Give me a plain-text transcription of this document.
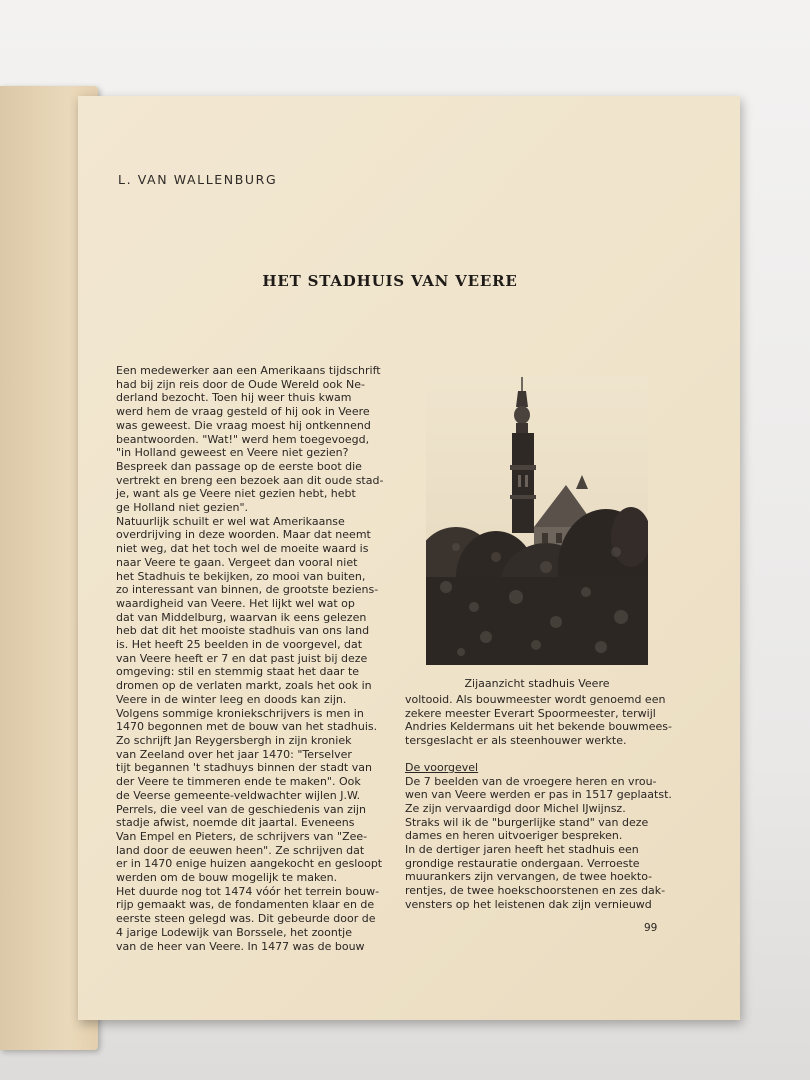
L. VAN WALLENBURG
HET STADHUIS VAN VEERE
Een medewerker aan een Amerikaans tijdschrift
had bij zijn reis door de Oude Wereld ook Ne-
derland bezocht. Toen hij weer thuis kwam
werd hem de vraag gesteld of hij ook in Veere
was geweest. Die vraag moest hij ontkennend
beantwoorden. "Wat!" werd hem toegevoegd,
"in Holland geweest en Veere niet gezien?
Bespreek dan passage op de eerste boot die
vertrekt en breng een bezoek aan dit oude stad-
je, want als ge Veere niet gezien hebt, hebt
ge Holland niet gezien".
Natuurlijk schuilt er wel wat Amerikaanse
overdrijving in deze woorden. Maar dat neemt
niet weg, dat het toch wel de moeite waard is
naar Veere te gaan. Vergeet dan vooral niet
het Stadhuis te bekijken, zo mooi van buiten,
zo interessant van binnen, de grootste beziens-
waardigheid van Veere. Het lijkt wel wat op
dat van Middelburg, waarvan ik eens gelezen
heb dat dit het mooiste stadhuis van ons land
is. Het heeft 25 beelden in de voorgevel, dat
van Veere heeft er 7 en dat past juist bij deze
omgeving: stil en stemmig staat het daar te
dromen op de verlaten markt, zoals het ook in
Veere in de winter leeg en doods kan zijn.
Volgens sommige kroniekschrijvers is men in
1470 begonnen met de bouw van het stadhuis.
Zo schrijft Jan Reygersbergh in zijn kroniek
van Zeeland over het jaar 1470: "Terselver
tijt begannen 't stadhuys binnen der stadt van
der Veere te timmeren ende te maken". Ook
de Veerse gemeente-veldwachter wijlen J.W.
Perrels, die veel van de geschiedenis van zijn
stadje afwist, noemde dit jaartal. Eveneens
Van Empel en Pieters, de schrijvers van "Zee-
land door de eeuwen heen". Ze schrijven dat
er in 1470 enige huizen aangekocht en gesloopt
werden om de bouw mogelijk te maken.
Het duurde nog tot 1474 vóór het terrein bouw-
rijp gemaakt was, de fondamenten klaar en de
eerste steen gelegd was. Dit gebeurde door de
4 jarige Lodewijk van Borssele, het zoontje
van de heer van Veere. In 1477 was de bouw
Zijaanzicht stadhuis Veere
voltooid. Als bouwmeester wordt genoemd een
zekere meester Everart Spoormeester, terwijl
Andries Keldermans uit het bekende bouwmees-
tersgeslacht er als steenhouwer werkte.
De voorgevel
De 7 beelden van de vroegere heren en vrou-
wen van Veere werden er pas in 1517 geplaatst.
Ze zijn vervaardigd door Michel IJwijnsz.
Straks wil ik de "burgerlijke stand" van deze
dames en heren uitvoeriger bespreken.
In de dertiger jaren heeft het stadhuis een
grondige restauratie ondergaan. Verroeste
muurankers zijn vervangen, de twee hoekto-
rentjes, de twee hoekschoorstenen en zes dak-
vensters op het leistenen dak zijn vernieuwd
99
